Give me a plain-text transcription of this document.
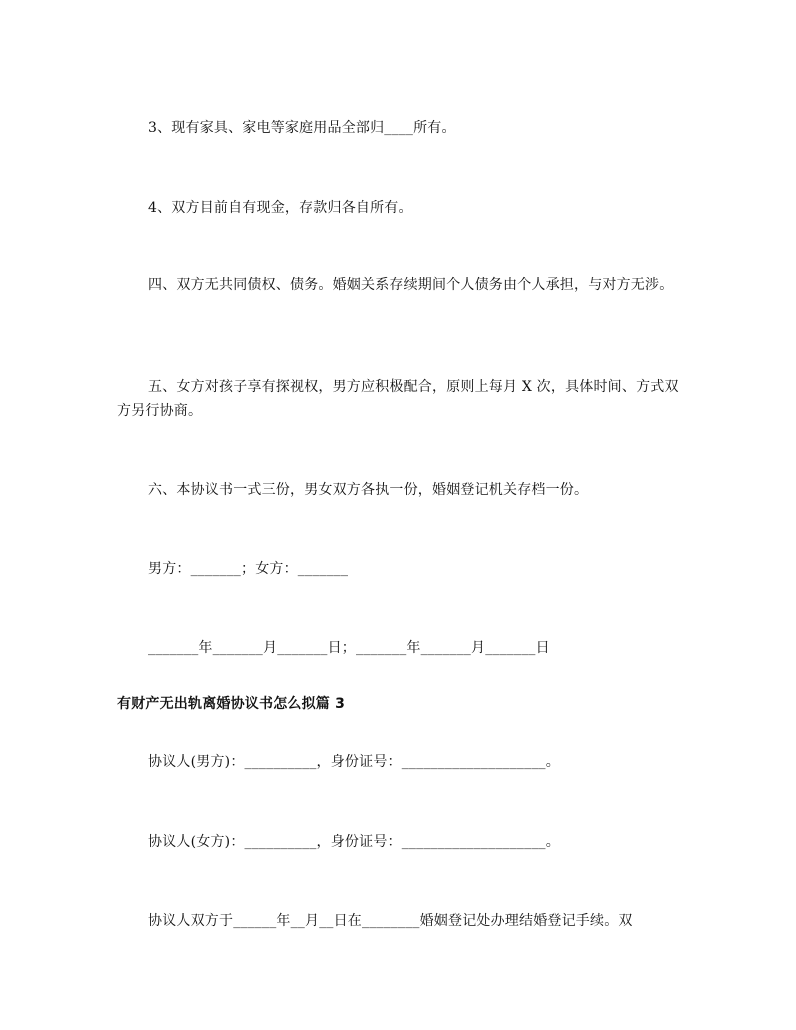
3、现有家具、家电等家庭用品全部归____所有。

4、双方目前自有现金，存款归各自所有。

四、双方无共同债权、债务。婚姻关系存续期间个人债务由个人承担，与对方无涉。

五、女方对孩子享有探视权，男方应积极配合，原则上每月 X 次，具体时间、方式双方另行协商。

六、本协议书一式三份，男女双方各执一份，婚姻登记机关存档一份。

男方：_______；女方：_______

_______年_______月_______日；_______年_______月_______日

有财产无出轨离婚协议书怎么拟篇 3

协议人(男方)：__________，身份证号：____________________。

协议人(女方)：__________，身份证号：____________________。

协议人双方于______年__月__日在________婚姻登记处办理结婚登记手续。双
